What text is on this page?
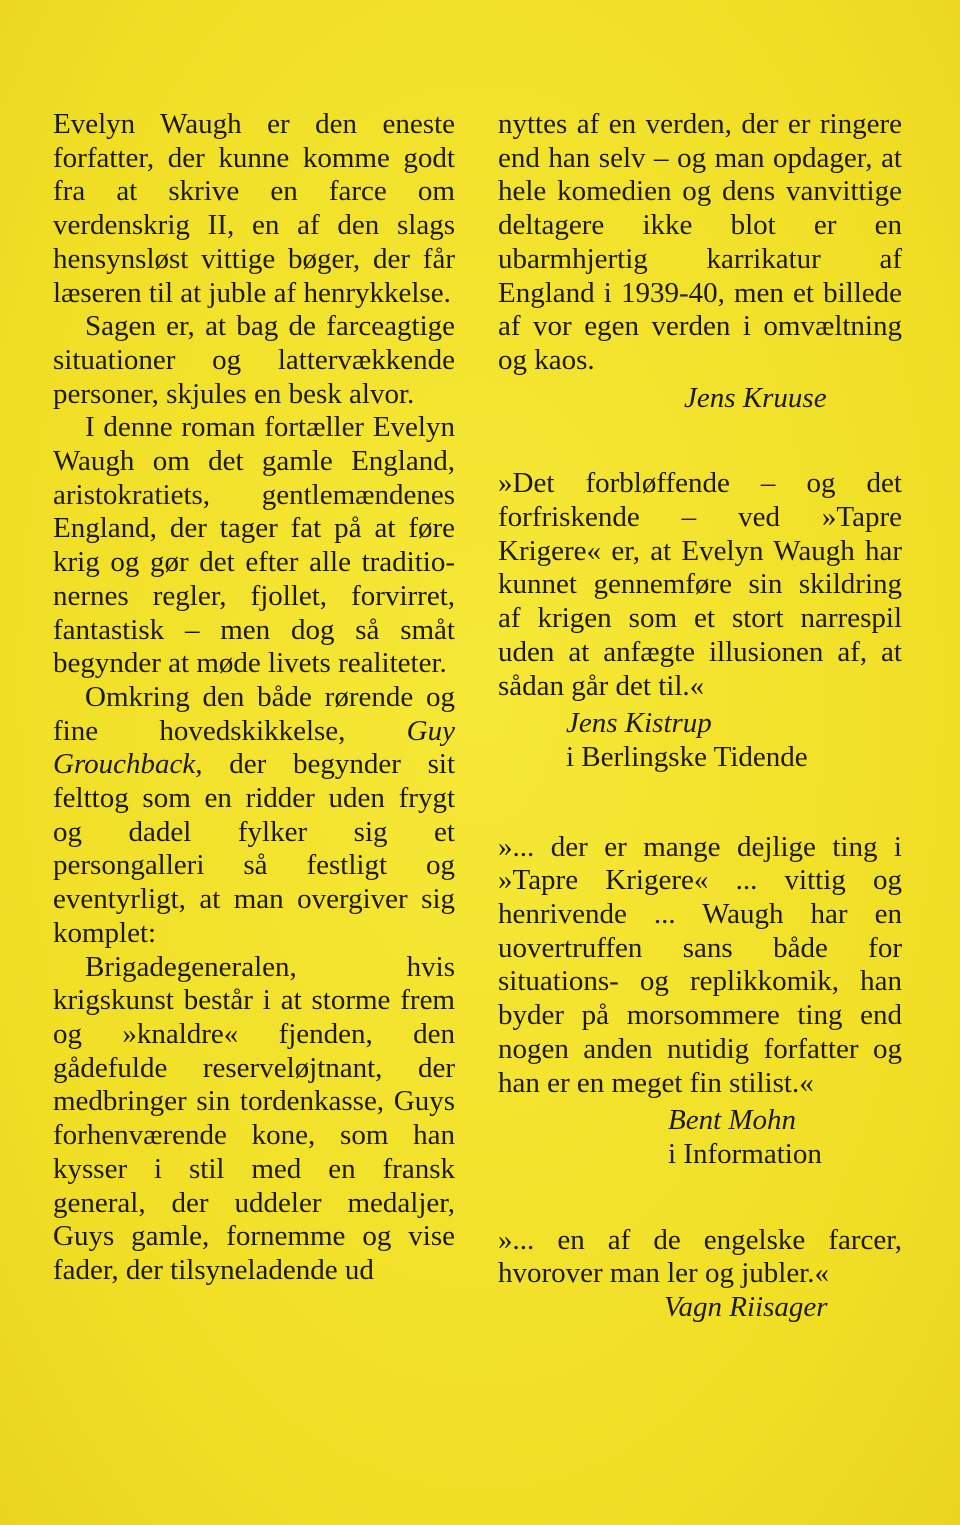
Evelyn Waugh er den eneste forfatter, der kunne komme godt fra at skrive en farce om verdenskrig II, en af den slags hensynsløst vittige bøger, der får læseren til at juble af henrykkelse.

Sagen er, at bag de farceagtige situationer og lattervækkende personer, skjules en besk alvor.

I denne roman fortæller Evelyn Waugh om det gamle England, aristokratiets, gentlemændenes England, der tager fat på at føre krig og gør det efter alle traditionernes regler, fjollet, forvirret, fantastisk – men dog så småt begynder at møde livets realiteter.

Omkring den både rørende og fine hovedskikkelse, Guy Grouchback, der begynder sit felttog som en ridder uden frygt og dadel fylker sig et persongalleri så festligt og eventyrligt, at man overgiver sig komplet:

Brigadegeneralen, hvis krigskunst består i at storme frem og »knaldre« fjenden, den gådefulde reserveløjtnant, der medbringer sin tordenkasse, Guys forhenværende kone, som han kysser i stil med en fransk general, der uddeler medaljer, Guys gamle, fornemme og vise fader, der tilsyneladende ud

nyttes af en verden, der er ringere end han selv – og man opdager, at hele komedien og dens vanvittige deltagere ikke blot er en ubarmhjertig karrikatur af England i 1939-40, men et billede af vor egen verden i omvæltning og kaos.

Jens Kruuse

»Det forbløffende – og det forfriskende – ved »Tapre Krigere« er, at Evelyn Waugh har kunnet gennemføre sin skildring af krigen som et stort narrespil uden at anfægte illusionen af, at sådan går det til.«

Jens Kistrup

i Berlingske Tidende

»... der er mange dejlige ting i »Tapre Krigere« ... vittig og henrivende ... Waugh har en uovertruffen sans både for situations- og replikkomik, han byder på morsommere ting end nogen anden nutidig forfatter og han er en meget fin stilist.«

Bent Mohn

i Information

»... en af de engelske farcer, hvorover man ler og jubler.«

Vagn Riisager
